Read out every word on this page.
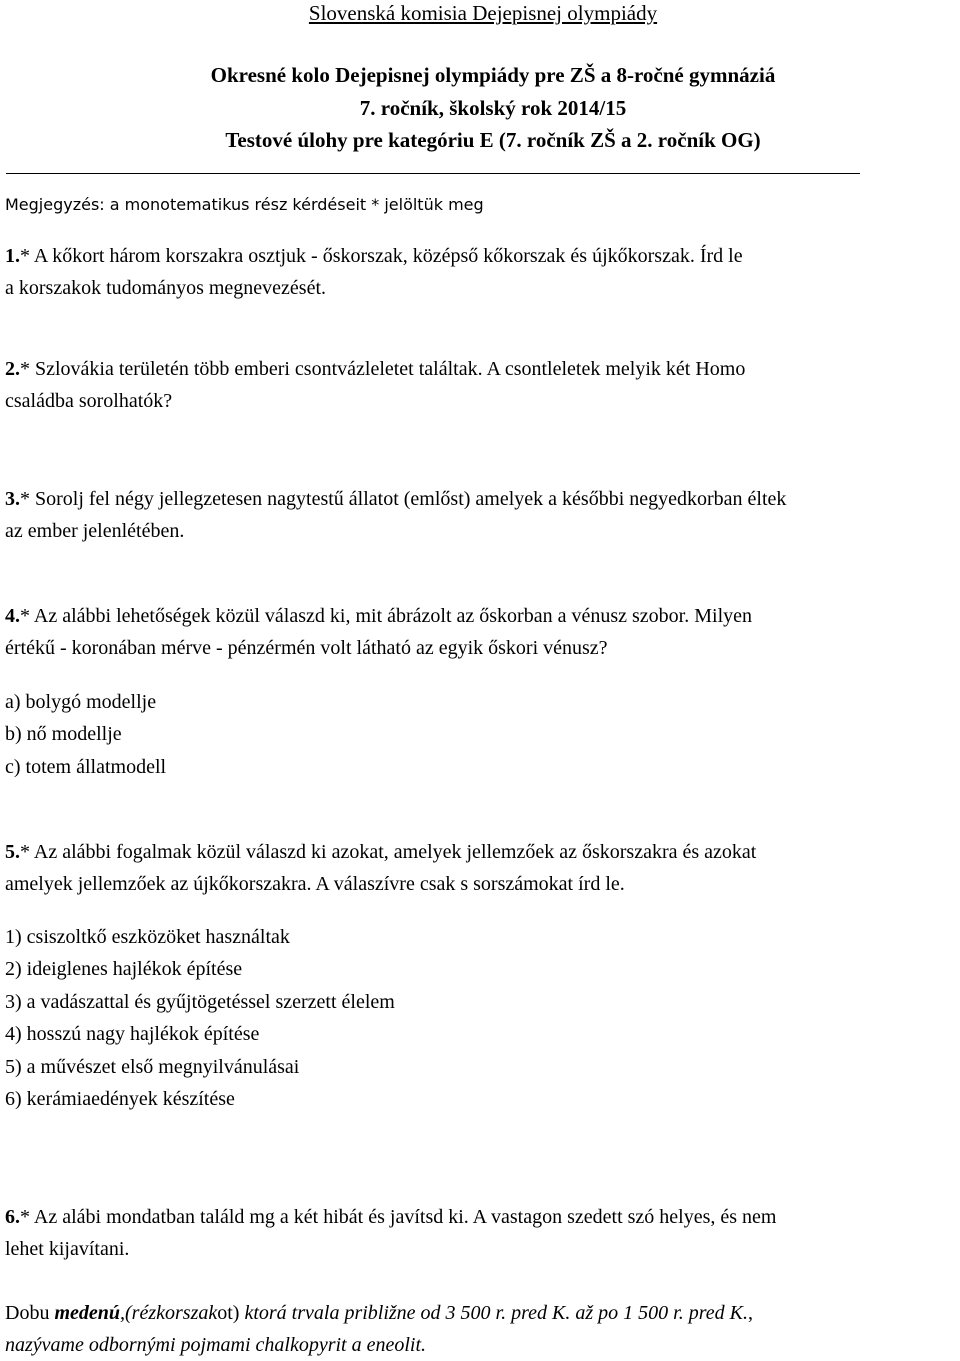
Slovenská komisia Dejepisnej olympiády
Okresné kolo Dejepisnej olympiády pre ZŠ a 8-ročné gymnáziá
7. ročník, školský rok 2014/15
Testové úlohy pre kategóriu E (7. ročník ZŠ a 2. ročník OG)
Megjegyzés: a monotematikus rész kérdéseit * jelöltük meg
1.* A kőkort három korszakra osztjuk - őskorszak, középső kőkorszak és újkőkorszak. Írd le
a korszakok tudományos megnevezését.
2.* Szlovákia területén több emberi csontvázleletet találtak. A csontleletek melyik két Homo
családba sorolhatók?
3.* Sorolj fel négy jellegzetesen nagytestű állatot (emlőst) amelyek a későbbi negyedkorban éltek
az ember jelenlétében.
4.* Az alábbi lehetőségek közül válaszd ki, mit ábrázolt az őskorban a vénusz szobor. Milyen
értékű - koronában mérve - pénzérmén volt látható az egyik őskori vénusz?
a) bolygó modellje
b) nő modellje
c) totem állatmodell
5.* Az alábbi fogalmak közül válaszd ki azokat, amelyek jellemzőek az őskorszakra és azokat
amelyek jellemzőek az újkőkorszakra. A válaszívre csak s sorszámokat írd le.
1) csiszoltkő eszközöket használtak
2) ideiglenes hajlékok építése
3) a vadászattal és gyűjtögetéssel szerzett élelem
4) hosszú nagy hajlékok építése
5) a művészet első megnyilvánulásai
6) kerámiaedények készítése
6.* Az alábi mondatban találd mg a két hibát és javítsd ki. A vastagon szedett szó helyes, és nem
lehet kijavítani.
Dobu medenú,(rézkorszakot) ktorá trvala približne od 3 500 r. pred K. až po 1 500 r. pred K.,
nazývame odbornými pojmami chalkopyrit a eneolit.
